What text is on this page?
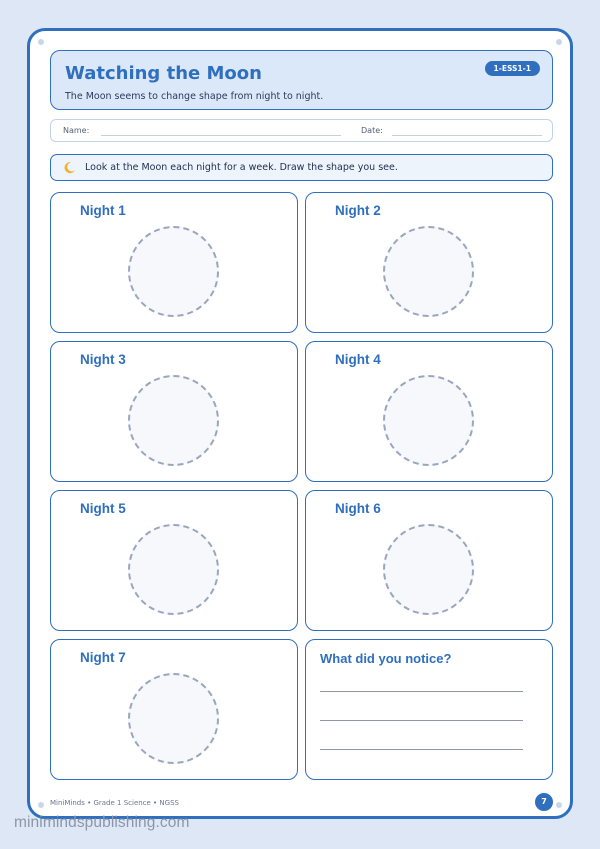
Watching the Moon
The Moon seems to change shape from night to night.
1-ESS1-1
Name:	Date:
Look at the Moon each night for a week. Draw the shape you see.
Night 1	Night 2
Night 3	Night 4
Night 5	Night 6
Night 7	What did you notice?
MiniMinds • Grade 1 Science • NGSS	7
minimindspublishing.com
